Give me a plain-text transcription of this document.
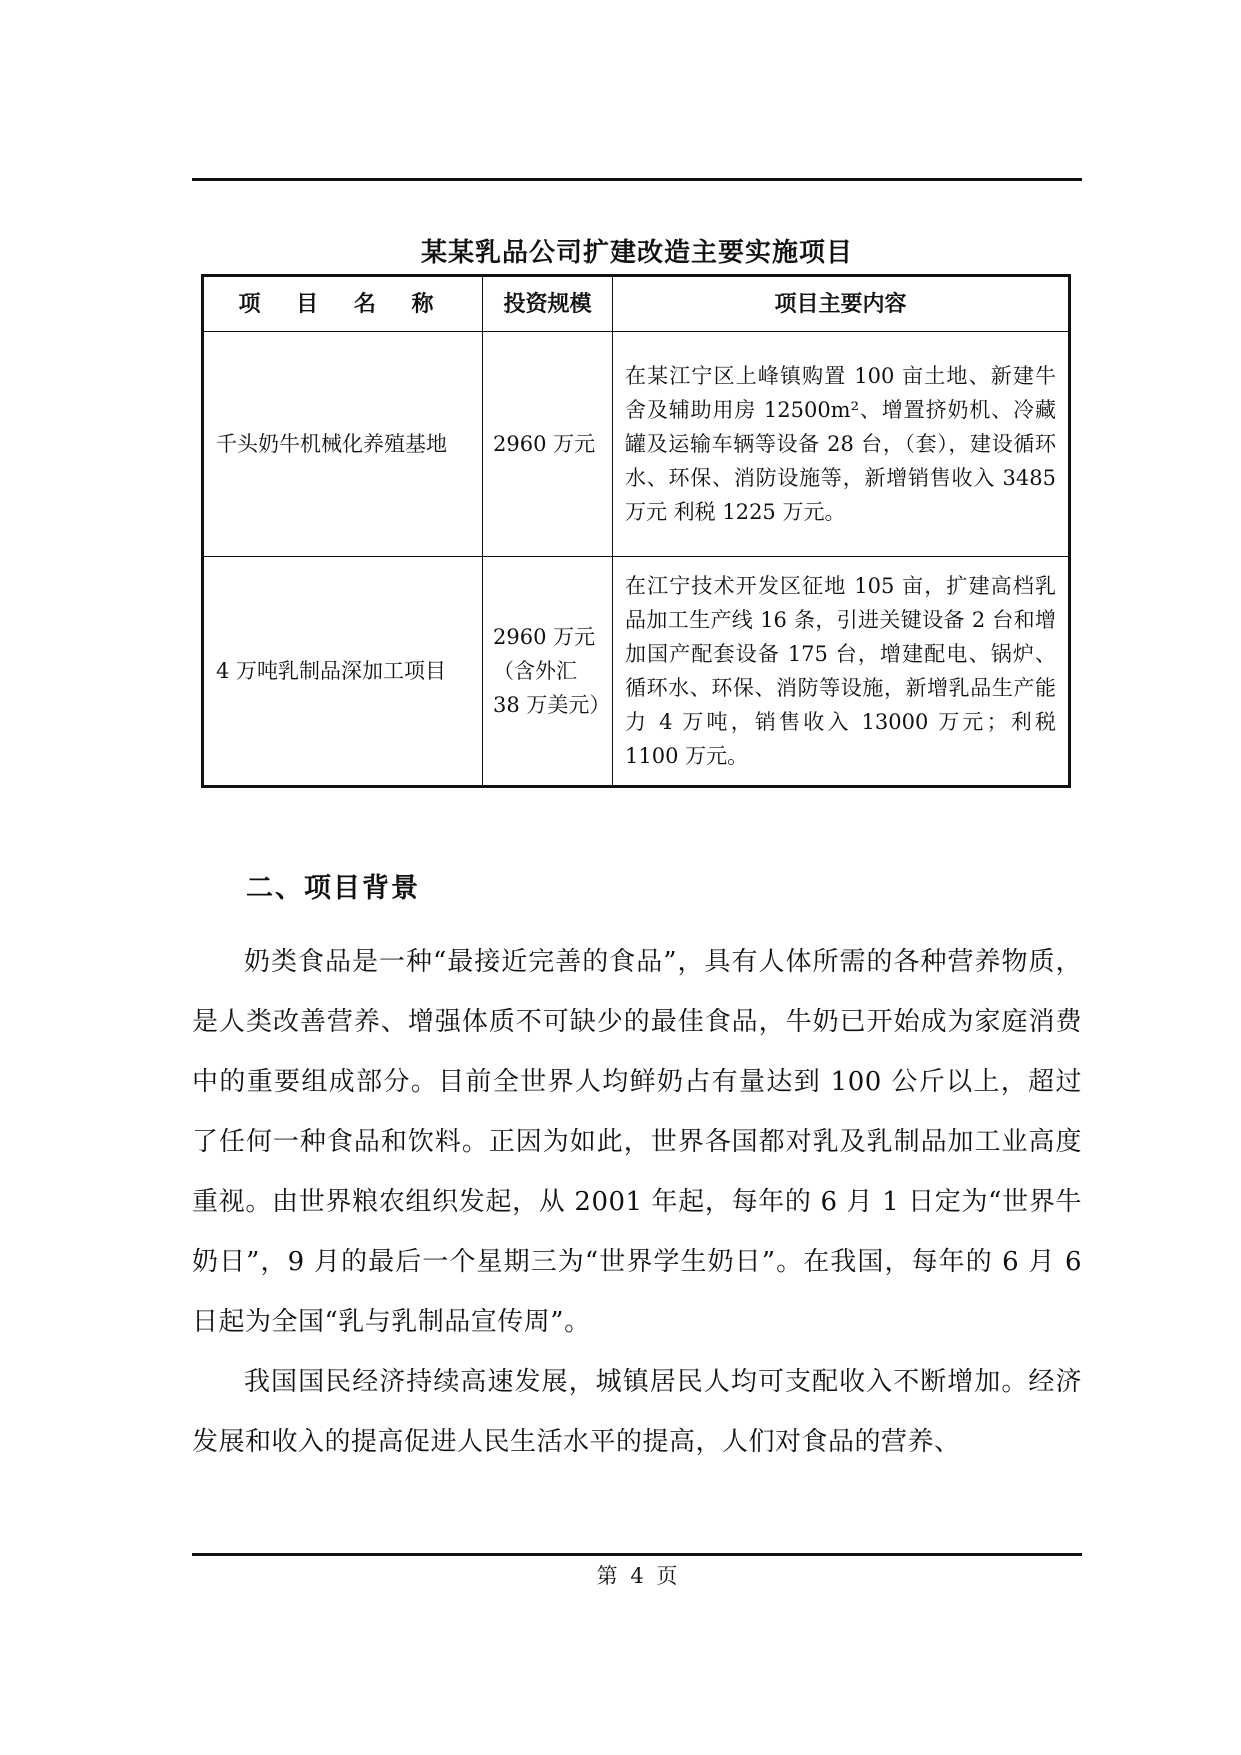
某某乳品公司扩建改造主要实施项目
项 目 名 称	投资规模	项目主要内容
千头奶牛机械化养殖基地	2960 万元	在某江宁区上峰镇购置 100 亩土地、新建牛舍及辅助用房 12500m²、增置挤奶机、冷藏罐及运输车辆等设备 28 台，（套），建设循环水、环保、消防设施等，新增销售收入 3485 万元 利税 1225 万元。
4 万吨乳制品深加工项目	2960 万元（含外汇 38 万美元）	在江宁技术开发区征地 105 亩，扩建高档乳品加工生产线 16 条，引进关键设备 2 台和增加国产配套设备 175 台，增建配电、锅炉、循环水、环保、消防等设施，新增乳品生产能力 4 万吨，销售收入 13000 万元；利税 1100 万元。
二、项目背景

奶类食品是一种“最接近完善的食品”，具有人体所需的各种营养物质，是人类改善营养、增强体质不可缺少的最佳食品，牛奶已开始成为家庭消费中的重要组成部分。目前全世界人均鲜奶占有量达到 100 公斤以上，超过了任何一种食品和饮料。正因为如此，世界各国都对乳及乳制品加工业高度重视。由世界粮农组织发起，从 2001 年起，每年的 6 月 1 日定为“世界牛奶日”，9 月的最后一个星期三为“世界学生奶日”。在我国，每年的 6 月 6 日起为全国“乳与乳制品宣传周”。

我国国民经济持续高速发展，城镇居民人均可支配收入不断增加。经济发展和收入的提高促进人民生活水平的提高，人们对食品的营养、

第 4 页
